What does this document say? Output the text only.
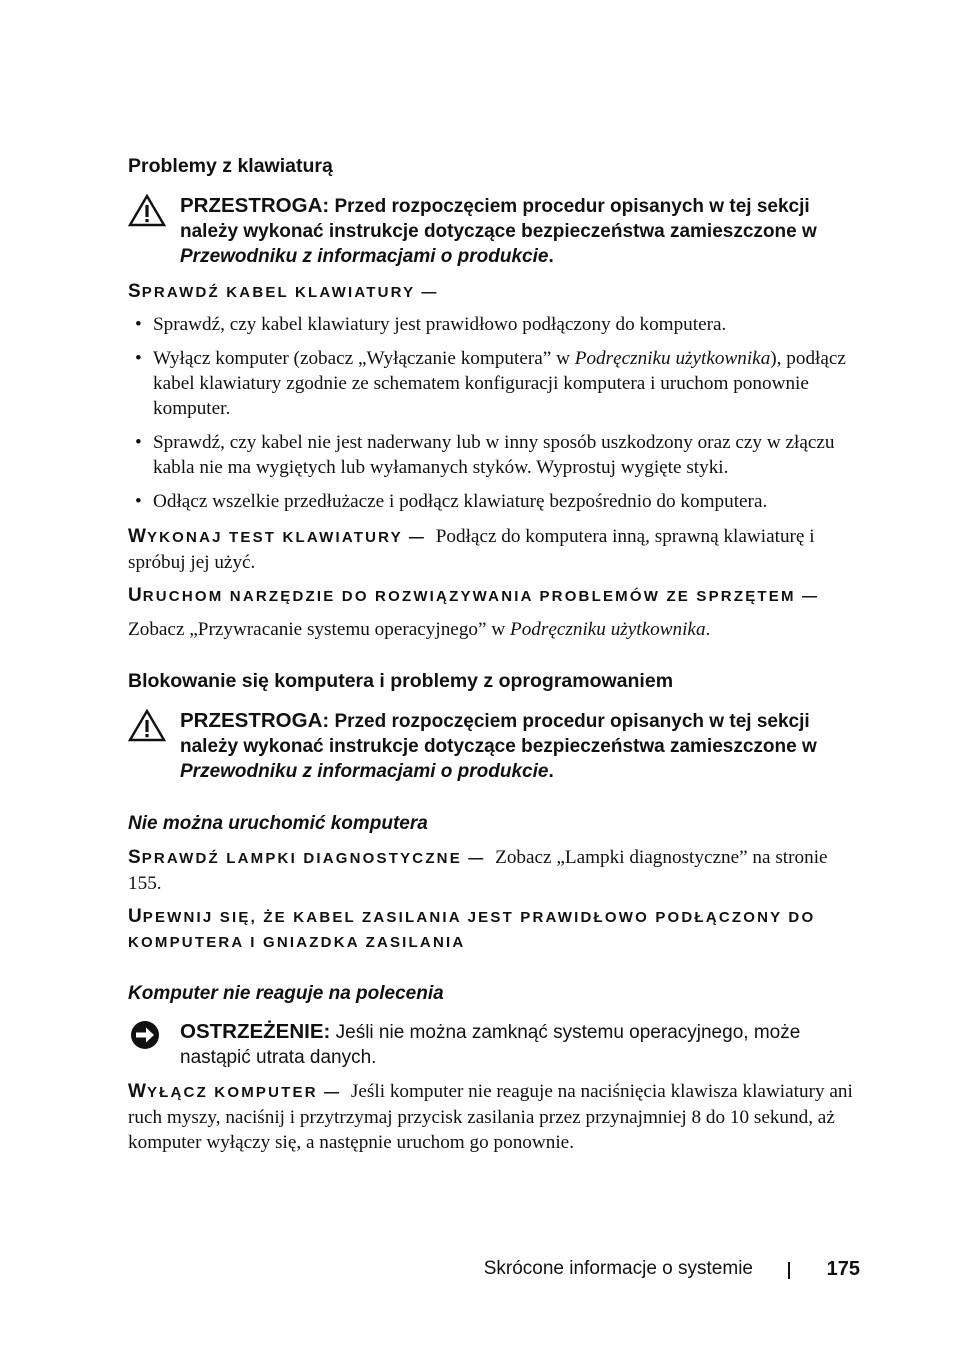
Problemy z klawiaturą
PRZESTROGA: Przed rozpoczęciem procedur opisanych w tej sekcji należy wykonać instrukcje dotyczące bezpieczeństwa zamieszczone w Przewodniku z informacjami o produkcie.
SPRAWDŹ KABEL KLAWIATURY —
• Sprawdź, czy kabel klawiatury jest prawidłowo podłączony do komputera.
• Wyłącz komputer (zobacz „Wyłączanie komputera” w Podręczniku użytkownika), podłącz kabel klawiatury zgodnie ze schematem konfiguracji komputera i uruchom ponownie komputer.
• Sprawdź, czy kabel nie jest naderwany lub w inny sposób uszkodzony oraz czy w złączu kabla nie ma wygiętych lub wyłamanych styków. Wyprostuj wygięte styki.
• Odłącz wszelkie przedłużacze i podłącz klawiaturę bezpośrednio do komputera.
WYKONAJ TEST KLAWIATURY — Podłącz do komputera inną, sprawną klawiaturę i spróbuj jej użyć.
URUCHOM NARZĘDZIE DO ROZWIĄZYWANIA PROBLEMÓW ZE SPRZĘTEM —
Zobacz „Przywracanie systemu operacyjnego” w Podręczniku użytkownika.
Blokowanie się komputera i problemy z oprogramowaniem
PRZESTROGA: Przed rozpoczęciem procedur opisanych w tej sekcji należy wykonać instrukcje dotyczące bezpieczeństwa zamieszczone w Przewodniku z informacjami o produkcie.
Nie można uruchomić komputera
SPRAWDŹ LAMPKI DIAGNOSTYCZNE — Zobacz „Lampki diagnostyczne” na stronie 155.
UPEWNIJ SIĘ, ŻE KABEL ZASILANIA JEST PRAWIDŁOWO PODŁĄCZONY DO KOMPUTERA I GNIAZDKA ZASILANIA
Komputer nie reaguje na polecenia
OSTRZEŻENIE: Jeśli nie można zamknąć systemu operacyjnego, może nastąpić utrata danych.
WYŁĄCZ KOMPUTER — Jeśli komputer nie reaguje na naciśnięcia klawisza klawiatury ani ruch myszy, naciśnij i przytrzymaj przycisk zasilania przez przynajmniej 8 do 10 sekund, aż komputer wyłączy się, a następnie uruchom go ponownie.
Skrócone informacje o systemie	175
